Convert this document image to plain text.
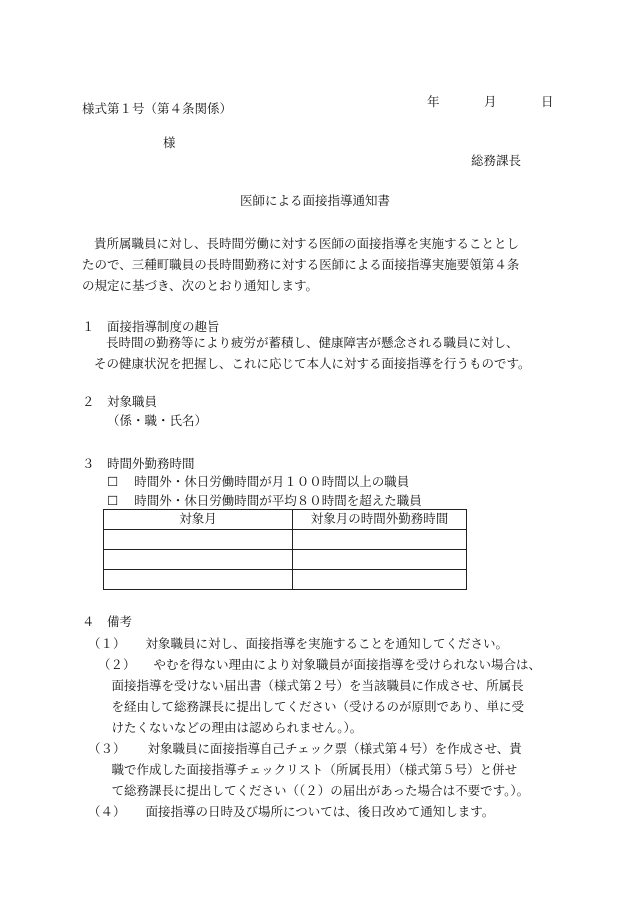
様式第１号（第４条関係）	年	月	日
様
総務課長
医師による面接指導通知書
貴所属職員に対し、長時間労働に対する医師の面接指導を実施することとし
たので、三種町職員の長時間勤務に対する医師による面接指導実施要領第４条
の規定に基づき、次のとおり通知します。
１ 面接指導制度の趣旨
長時間の勤務等により疲労が蓄積し、健康障害が懸念される職員に対し、
その健康状況を把握し、これに応じて本人に対する面接指導を行うものです。
２ 対象職員
（係・職・氏名）
３ 時間外勤務時間
☐ 時間外・休日労働時間が月１００時間以上の職員
☐ 時間外・休日労働時間が平均８０時間を超えた職員
対象月	対象月の時間外勤務時間

４ 備考
（１） 対象職員に対し、面接指導を実施することを通知してください。
（２） やむを得ない理由により対象職員が面接指導を受けられない場合は、
面接指導を受けない届出書（様式第２号）を当該職員に作成させ、所属長
を経由して総務課長に提出してください（受けるのが原則であり、単に受
けたくないなどの理由は認められません。）。
（３） 対象職員に面接指導自己チェック票（様式第４号）を作成させ、貴
職で作成した面接指導チェックリスト（所属長用）（様式第５号）と併せ
て総務課長に提出してください（（２）の届出があった場合は不要です。）。
（４） 面接指導の日時及び場所については、後日改めて通知します。
